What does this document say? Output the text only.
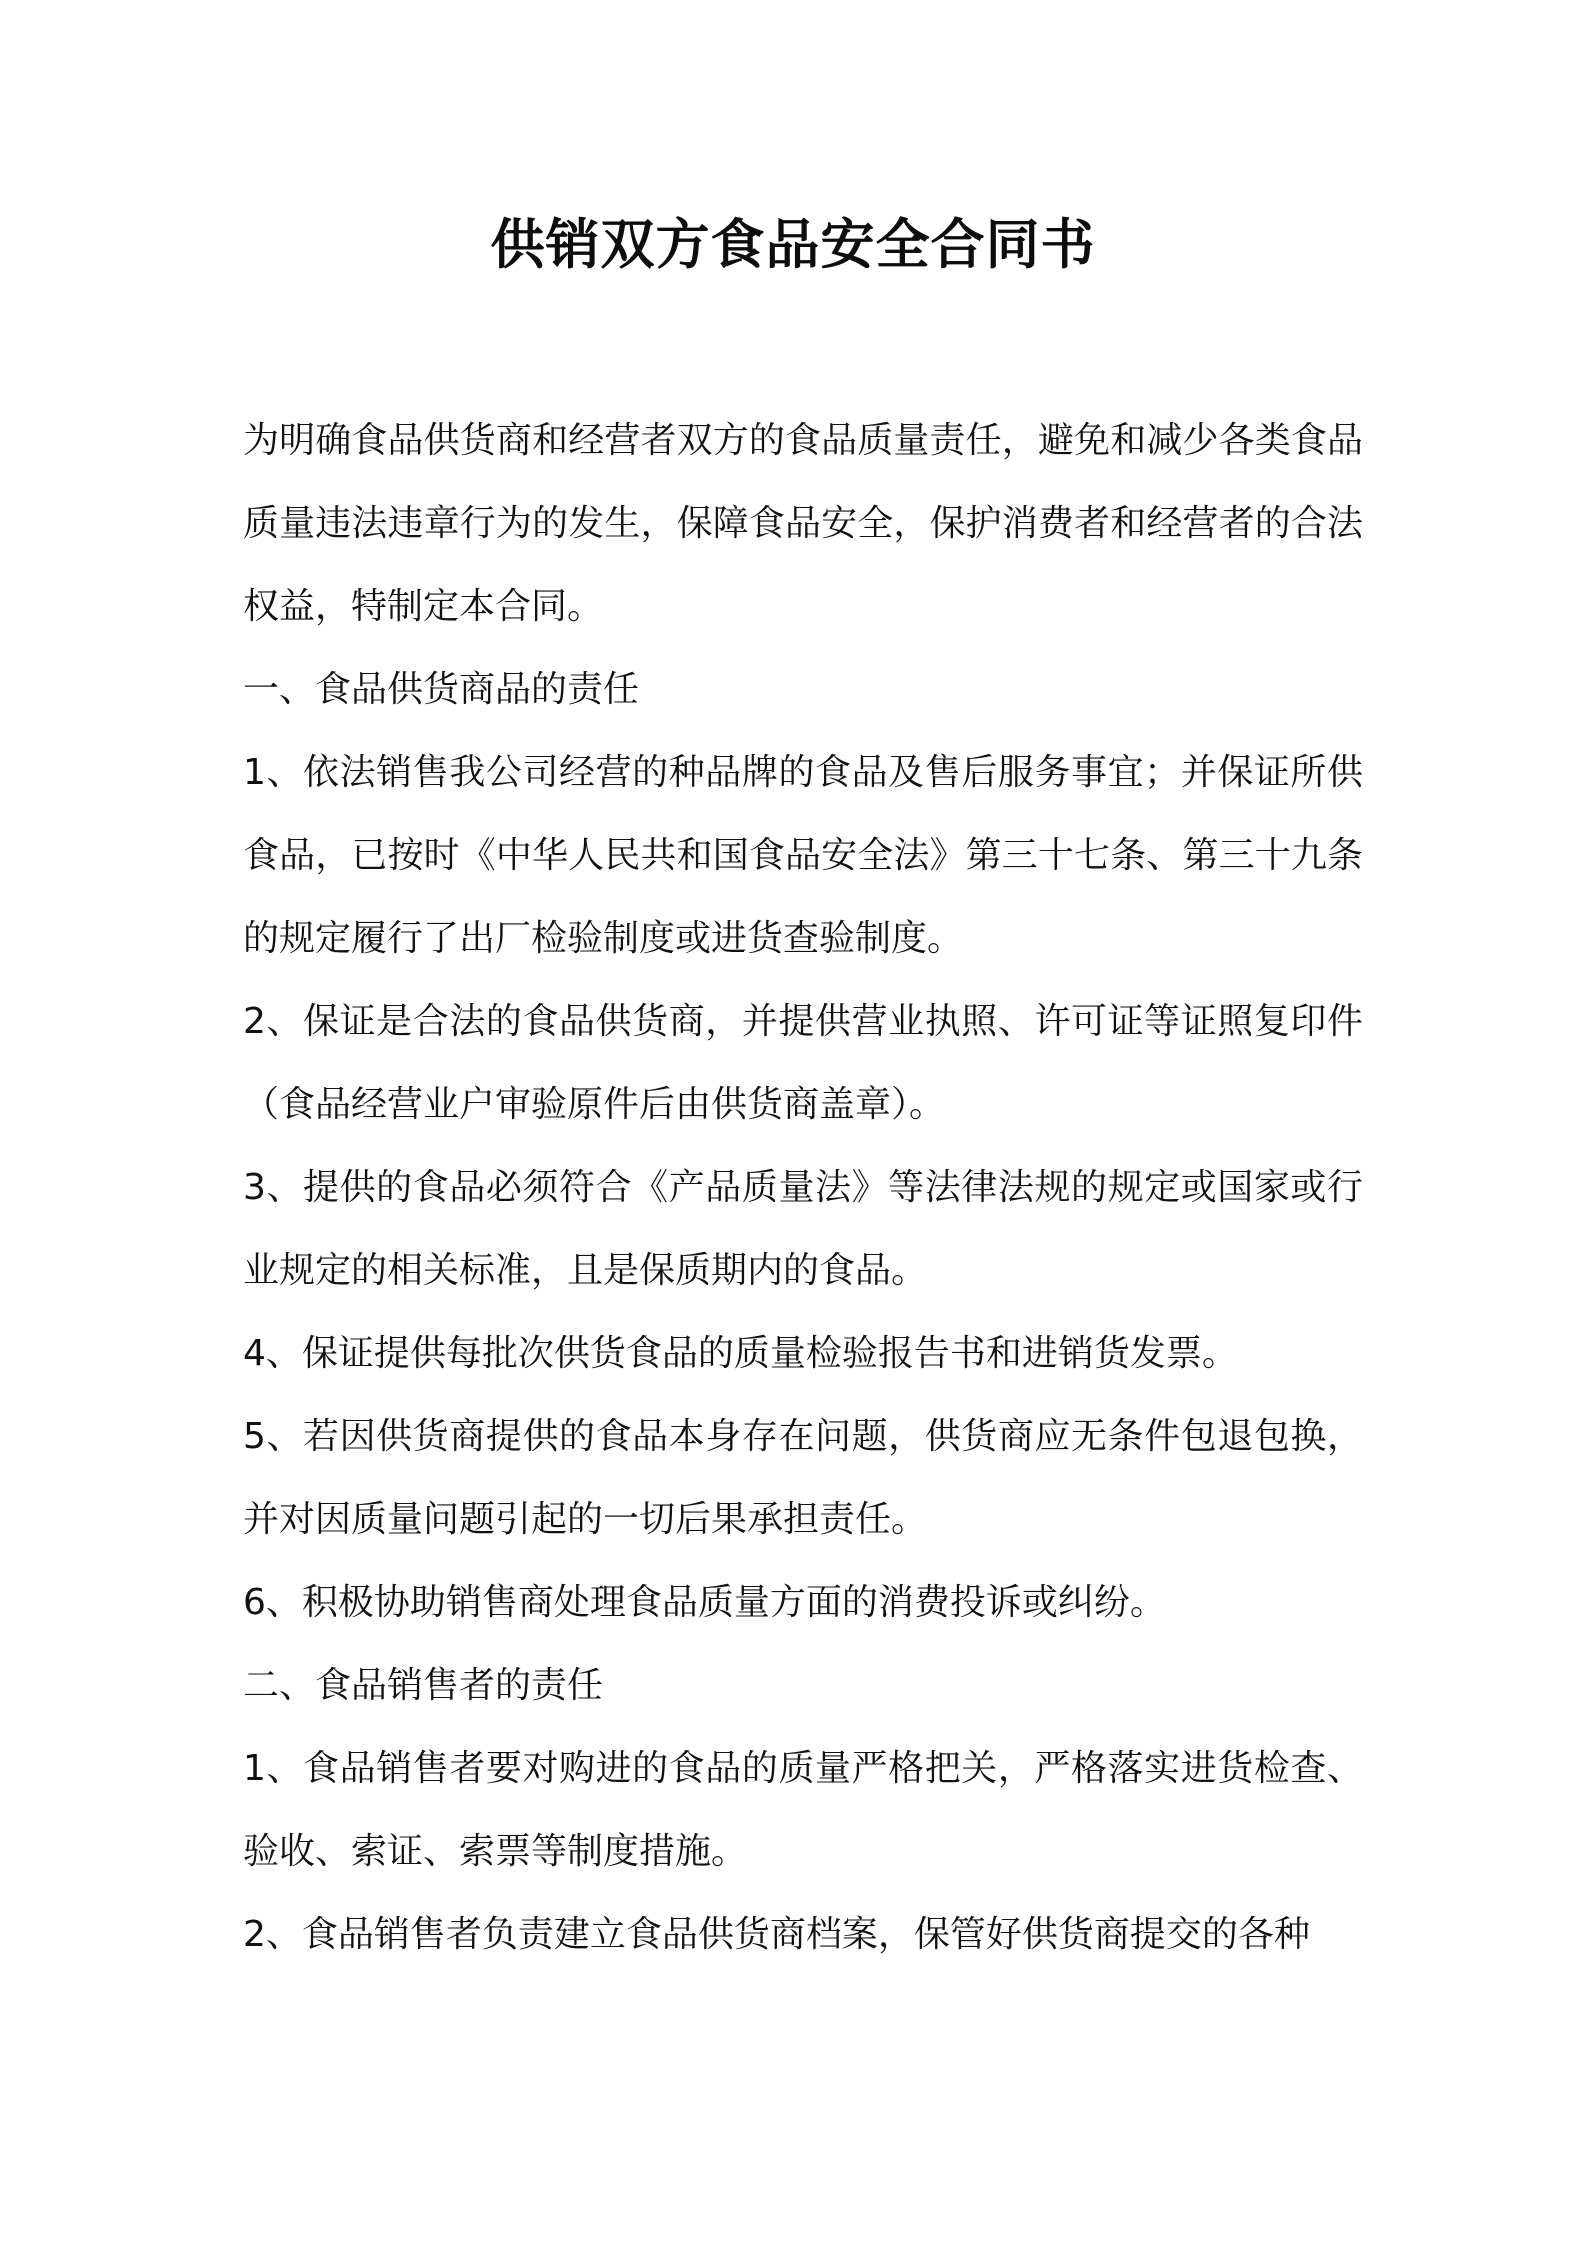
供销双方食品安全合同书

为明确食品供货商和经营者双方的食品质量责任，避免和减少各类食品质量违法违章行为的发生，保障食品安全，保护消费者和经营者的合法权益，特制定本合同。

一、食品供货商品的责任

1、依法销售我公司经营的种品牌的食品及售后服务事宜；并保证所供食品，已按时《中华人民共和国食品安全法》第三十七条、第三十九条的规定履行了出厂检验制度或进货查验制度。

2、保证是合法的食品供货商，并提供营业执照、许可证等证照复印件（食品经营业户审验原件后由供货商盖章）。

3、提供的食品必须符合《产品质量法》等法律法规的规定或国家或行业规定的相关标准，且是保质期内的食品。

4、保证提供每批次供货食品的质量检验报告书和进销货发票。

5、若因供货商提供的食品本身存在问题，供货商应无条件包退包换，并对因质量问题引起的一切后果承担责任。

6、积极协助销售商处理食品质量方面的消费投诉或纠纷。

二、食品销售者的责任

1、食品销售者要对购进的食品的质量严格把关，严格落实进货检查、验收、索证、索票等制度措施。

2、食品销售者负责建立食品供货商档案，保管好供货商提交的各种
